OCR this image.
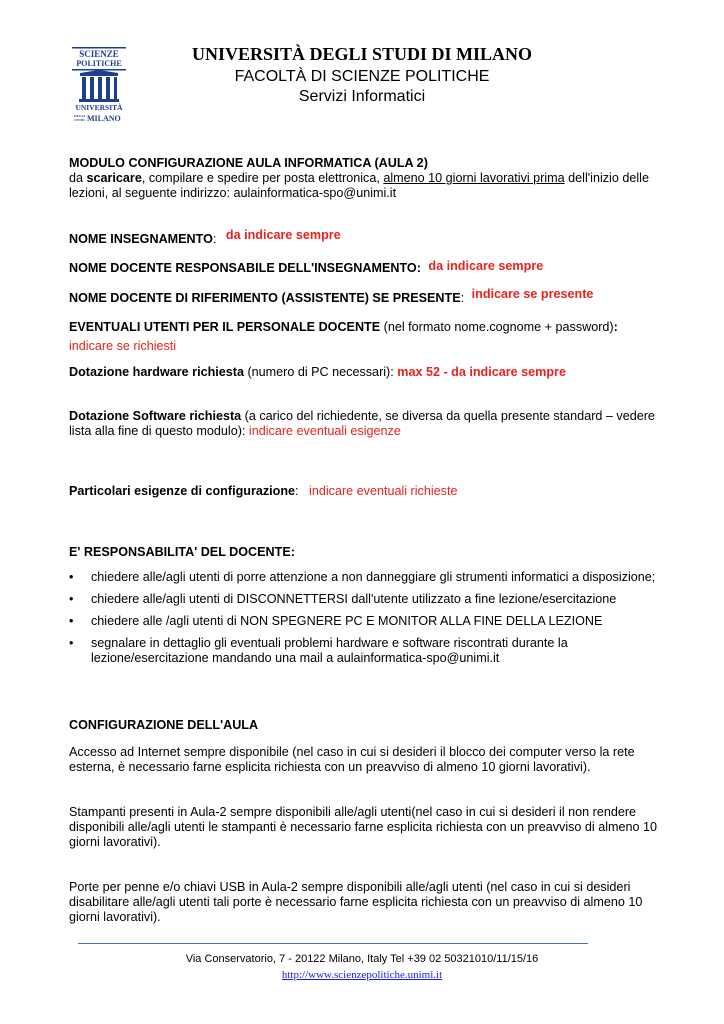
SCIENZE
POLITICHE
UNIVERSITÀ
DEGLI
STUDI MILANO
UNIVERSITÀ DEGLI STUDI DI MILANO
FACOLTÀ DI SCIENZE POLITICHE
Servizi Informatici
MODULO CONFIGURAZIONE AULA INFORMATICA (AULA 2)
da scaricare, compilare e spedire per posta elettronica, almeno 10 giorni lavorativi prima dell'inizio delle lezioni, al seguente indirizzo: aulainformatica-spo@unimi.it
NOME INSEGNAMENTO: da indicare sempre
NOME DOCENTE RESPONSABILE DELL'INSEGNAMENTO: da indicare sempre
NOME DOCENTE DI RIFERIMENTO (ASSISTENTE) SE PRESENTE: indicare se presente
EVENTUALI UTENTI PER IL PERSONALE DOCENTE (nel formato nome.cognome + password):
indicare se richiesti
Dotazione hardware richiesta (numero di PC necessari): max 52 - da indicare sempre
Dotazione Software richiesta (a carico del richiedente, se diversa da quella presente standard – vedere lista alla fine di questo modulo): indicare eventuali esigenze
Particolari esigenze di configurazione:   indicare eventuali richieste
E' RESPONSABILITA' DEL DOCENTE:
• chiedere alle/agli utenti di porre attenzione a non danneggiare gli strumenti informatici a disposizione;
• chiedere alle/agli utenti di DISCONNETTERSI dall'utente utilizzato a fine lezione/esercitazione
• chiedere alle /agli utenti di NON SPEGNERE PC E MONITOR ALLA FINE DELLA LEZIONE
• segnalare in dettaglio gli eventuali problemi hardware e software riscontrati durante la lezione/esercitazione mandando una mail a aulainformatica-spo@unimi.it
CONFIGURAZIONE DELL'AULA
Accesso ad Internet sempre disponibile (nel caso in cui si desideri il blocco dei computer verso la rete esterna, è necessario farne esplicita richiesta con un preavviso di almeno 10 giorni lavorativi).
Stampanti presenti in Aula-2 sempre disponibili alle/agli utenti(nel caso in cui si desideri il non rendere disponibili alle/agli utenti le stampanti è necessario farne esplicita richiesta con un preavviso di almeno 10 giorni lavorativi).
Porte per penne e/o chiavi USB in Aula-2 sempre disponibili alle/agli utenti (nel caso in cui si desideri disabilitare alle/agli utenti tali porte è necessario farne esplicita richiesta con un preavviso di almeno 10 giorni lavorativi).
Via Conservatorio, 7 - 20122 Milano, Italy Tel +39 02 50321010/11/15/16
http://www.scienzepolitiche.unimi.it
